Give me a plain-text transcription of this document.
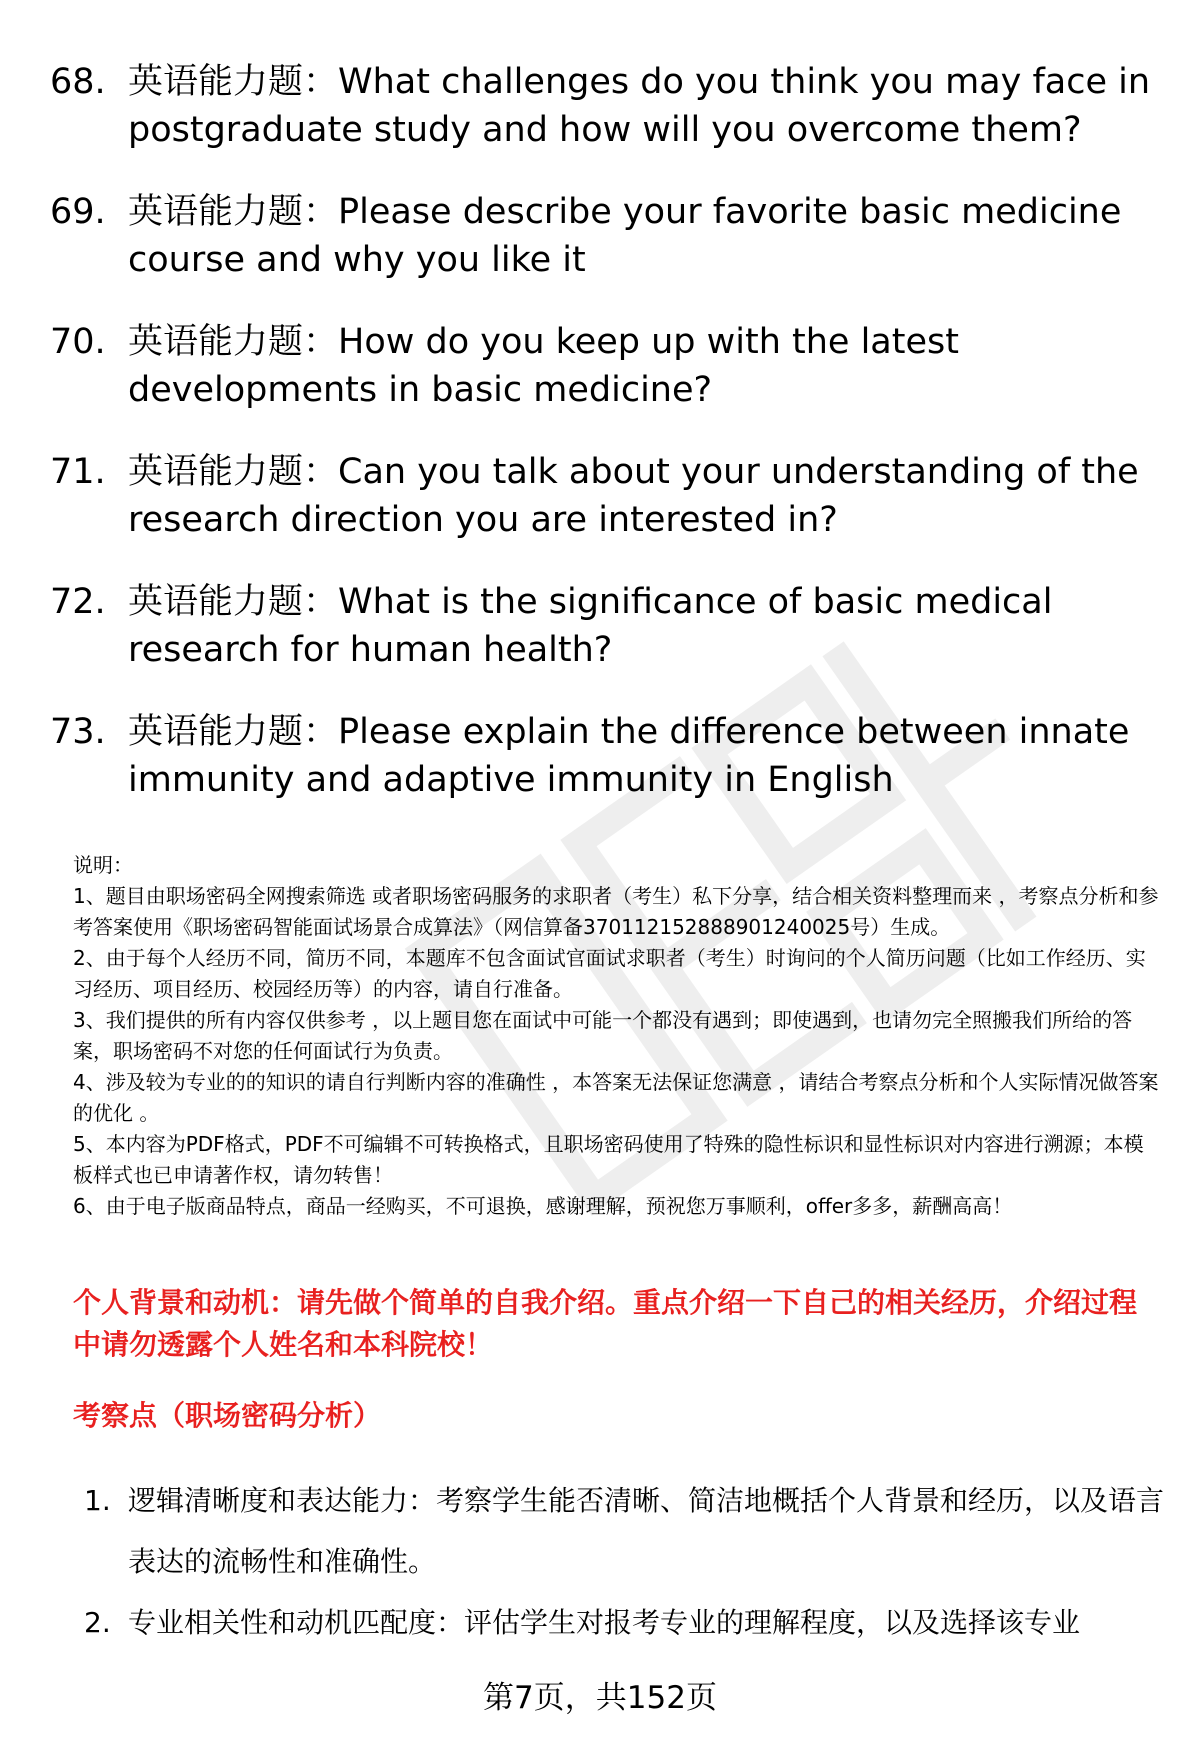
68. 英语能力题：What challenges do you think you may face in postgraduate study and how will you overcome them?
69. 英语能力题：Please describe your favorite basic medicine course and why you like it
70. 英语能力题：How do you keep up with the latest developments in basic medicine?
71. 英语能力题：Can you talk about your understanding of the research direction you are interested in?
72. 英语能力题：What is the significance of basic medical research for human health?
73. 英语能力题：Please explain the difference between innate immunity and adaptive immunity in English

说明：

1、题目由职场密码全网搜索筛选 或者职场密码服务的求职者（考生）私下分享，结合相关资料整理而来 ，考察点分析和参考答案使用《职场密码智能面试场景合成算法》（网信算备370112152888901240025号）生成。

2、由于每个人经历不同，简历不同，本题库不包含面试官面试求职者（考生）时询问的个人简历问题（比如工作经历、实习经历、项目经历、校园经历等）的内容，请自行准备。

3、我们提供的所有内容仅供参考 ，以上题目您在面试中可能一个都没有遇到；即使遇到，也请勿完全照搬我们所给的答案，职场密码不对您的任何面试行为负责。

4、涉及较为专业的的知识的请自行判断内容的准确性 ，本答案无法保证您满意 ，请结合考察点分析和个人实际情况做答案的优化 。

5、本内容为PDF格式，PDF不可编辑不可转换格式，且职场密码使用了特殊的隐性标识和显性标识对内容进行溯源；本模板样式也已申请著作权，请勿转售！

6、由于电子版商品特点，商品一经购买，不可退换，感谢理解，预祝您万事顺利，offer多多，薪酬高高！

个人背景和动机：请先做个简单的自我介绍。重点介绍一下自己的相关经历，介绍过程中请勿透露个人姓名和本科院校！
考察点（职场密码分析）
1. 逻辑清晰度和表达能力：考察学生能否清晰、简洁地概括个人背景和经历，以及语言表达的流畅性和准确性。
2. 专业相关性和动机匹配度：评估学生对报考专业的理解程度，以及选择该专业
第7页，共152页
